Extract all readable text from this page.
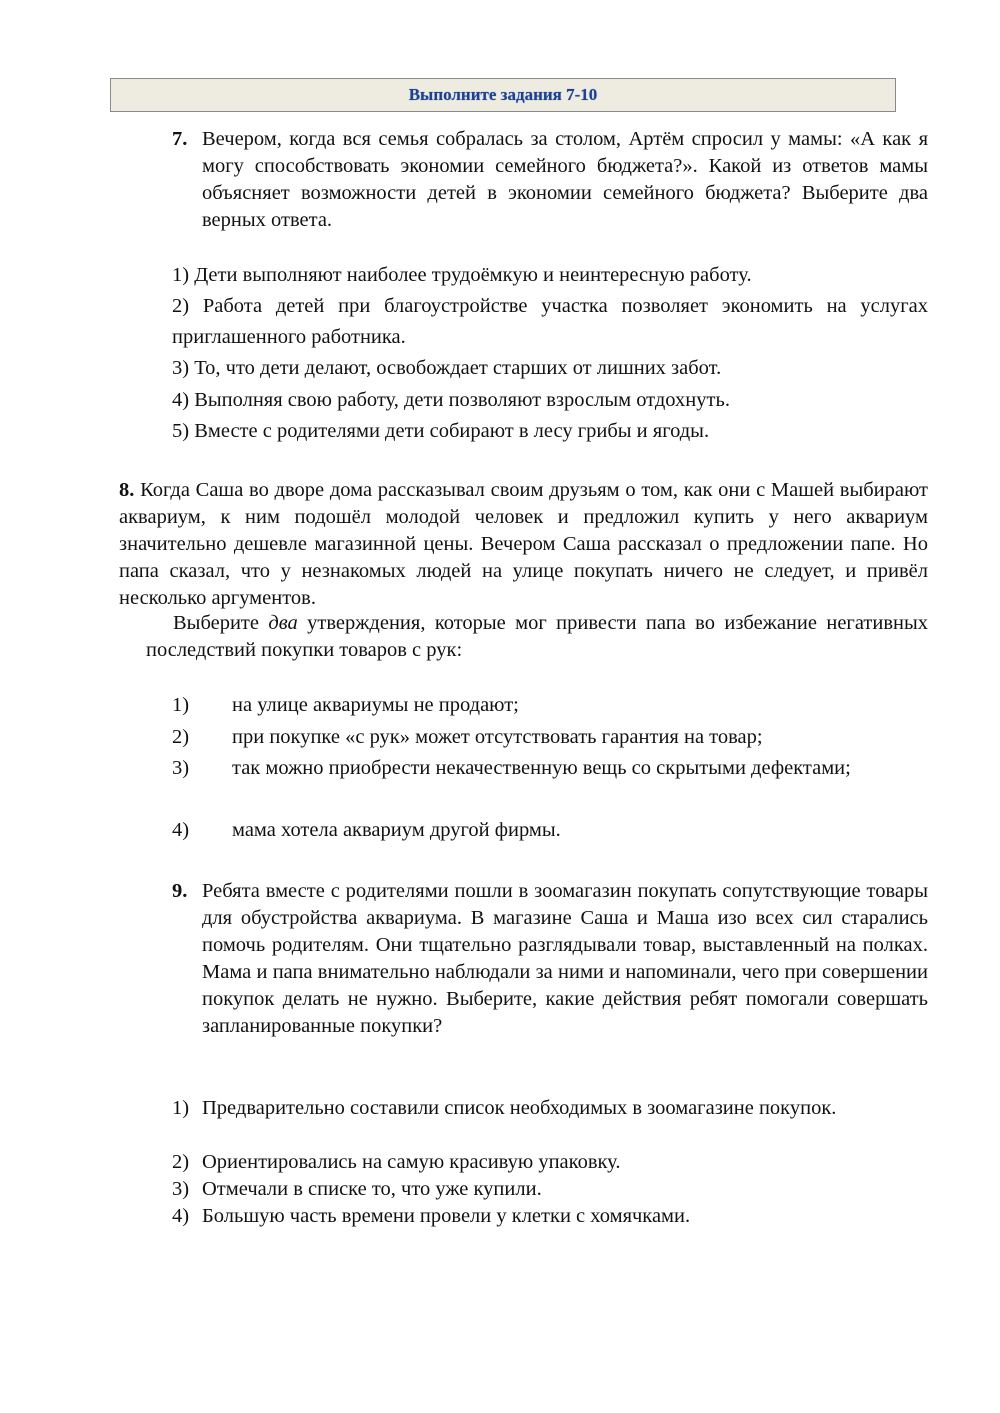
Выполните задания 7-10
7. Вечером, когда вся семья собралась за столом, Артём спросил у мамы: «А как я могу способствовать экономии семейного бюджета?». Какой из ответов мамы объясняет возможности детей в экономии семейного бюджета? Выберите два верных ответа.
1) Дети выполняют наиболее трудоёмкую и неинтересную работу.
2) Работа детей при благоустройстве участка позволяет экономить на услугах приглашенного работника.
3) То, что дети делают, освобождает старших от лишних забот.
4) Выполняя свою работу, дети позволяют взрослым отдохнуть.
5) Вместе с родителями дети собирают в лесу грибы и ягоды.

8. Когда Саша во дворе дома рассказывал своим друзьям о том, как они с Машей выбирают аквариум, к ним подошёл молодой человек и предложил купить у него аквариум значительно дешевле магазинной цены. Вечером Саша рассказал о предложении папе. Но папа сказал, что у незнакомых людей на улице покупать ничего не следует, и привёл несколько аргументов.

Выберите два утверждения, которые мог привести папа во избежание негативных последствий покупки товаров с рук:

1) на улице аквариумы не продают;
2) при покупке «с рук» может отсутствовать гарантия на товар;
3) так можно приобрести некачественную вещь со скрытыми дефектами;
4) мама хотела аквариум другой фирмы.
9. Ребята вместе с родителями пошли в зоомагазин покупать сопутствующие товары для обустройства аквариума. В магазине Саша и Маша изо всех сил старались помочь родителям. Они тщательно разглядывали товар, выставленный на полках. Мама и папа внимательно наблюдали за ними и напоминали, чего при совершении покупок делать не нужно. Выберите, какие действия ребят помогали совершать запланированные покупки?
1) Предварительно составили список необходимых в зоомагазине покупок.
2) Ориентировались на самую красивую упаковку.
3) Отмечали в списке то, что уже купили.
4) Большую часть времени провели у клетки с хомячками.
